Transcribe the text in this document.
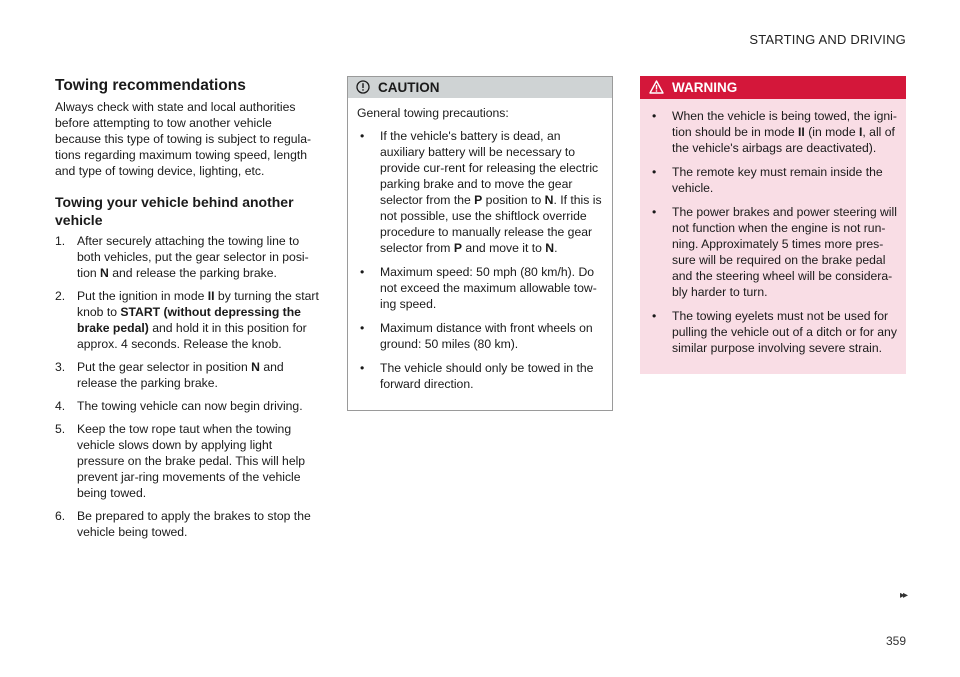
STARTING AND DRIVING
Towing recommendations

Always check with state and local authorities before attempting to tow another vehicle because this type of towing is subject to regula-tions regarding maximum towing speed, length and type of towing device, lighting, etc.

Towing your vehicle behind another vehicle
1. After securely attaching the towing line to both vehicles, put the gear selector in posi-tion N and release the parking brake.
2. Put the ignition in mode II by turning the start knob to START (without depressing the brake pedal) and hold it in this position for approx. 4 seconds. Release the knob.
3. Put the gear selector in position N and release the parking brake.
4. The towing vehicle can now begin driving.
5. Keep the tow rope taut when the towing vehicle slows down by applying light pressure on the brake pedal. This will help prevent jar-ring movements of the vehicle being towed.
6. Be prepared to apply the brakes to stop the vehicle being towed.
CAUTION

General towing precautions:

• If the vehicle's battery is dead, an auxiliary battery will be necessary to provide cur-rent for releasing the electric parking brake and to move the gear selector from the P position to N. If this is not possible, use the shiftlock override procedure to manually release the gear selector from P and move it to N.
• Maximum speed: 50 mph (80 km/h). Do not exceed the maximum allowable tow-ing speed.
• Maximum distance with front wheels on ground: 50 miles (80 km).
• The vehicle should only be towed in the forward direction.
WARNING
• When the vehicle is being towed, the igni-tion should be in mode II (in mode I, all of the vehicle's airbags are deactivated).
• The remote key must remain inside the vehicle.
• The power brakes and power steering will not function when the engine is not run-ning. Approximately 5 times more pres-sure will be required on the brake pedal and the steering wheel will be considera-bly harder to turn.
• The towing eyelets must not be used for pulling the vehicle out of a ditch or for any similar purpose involving severe strain.
▸▸
359
